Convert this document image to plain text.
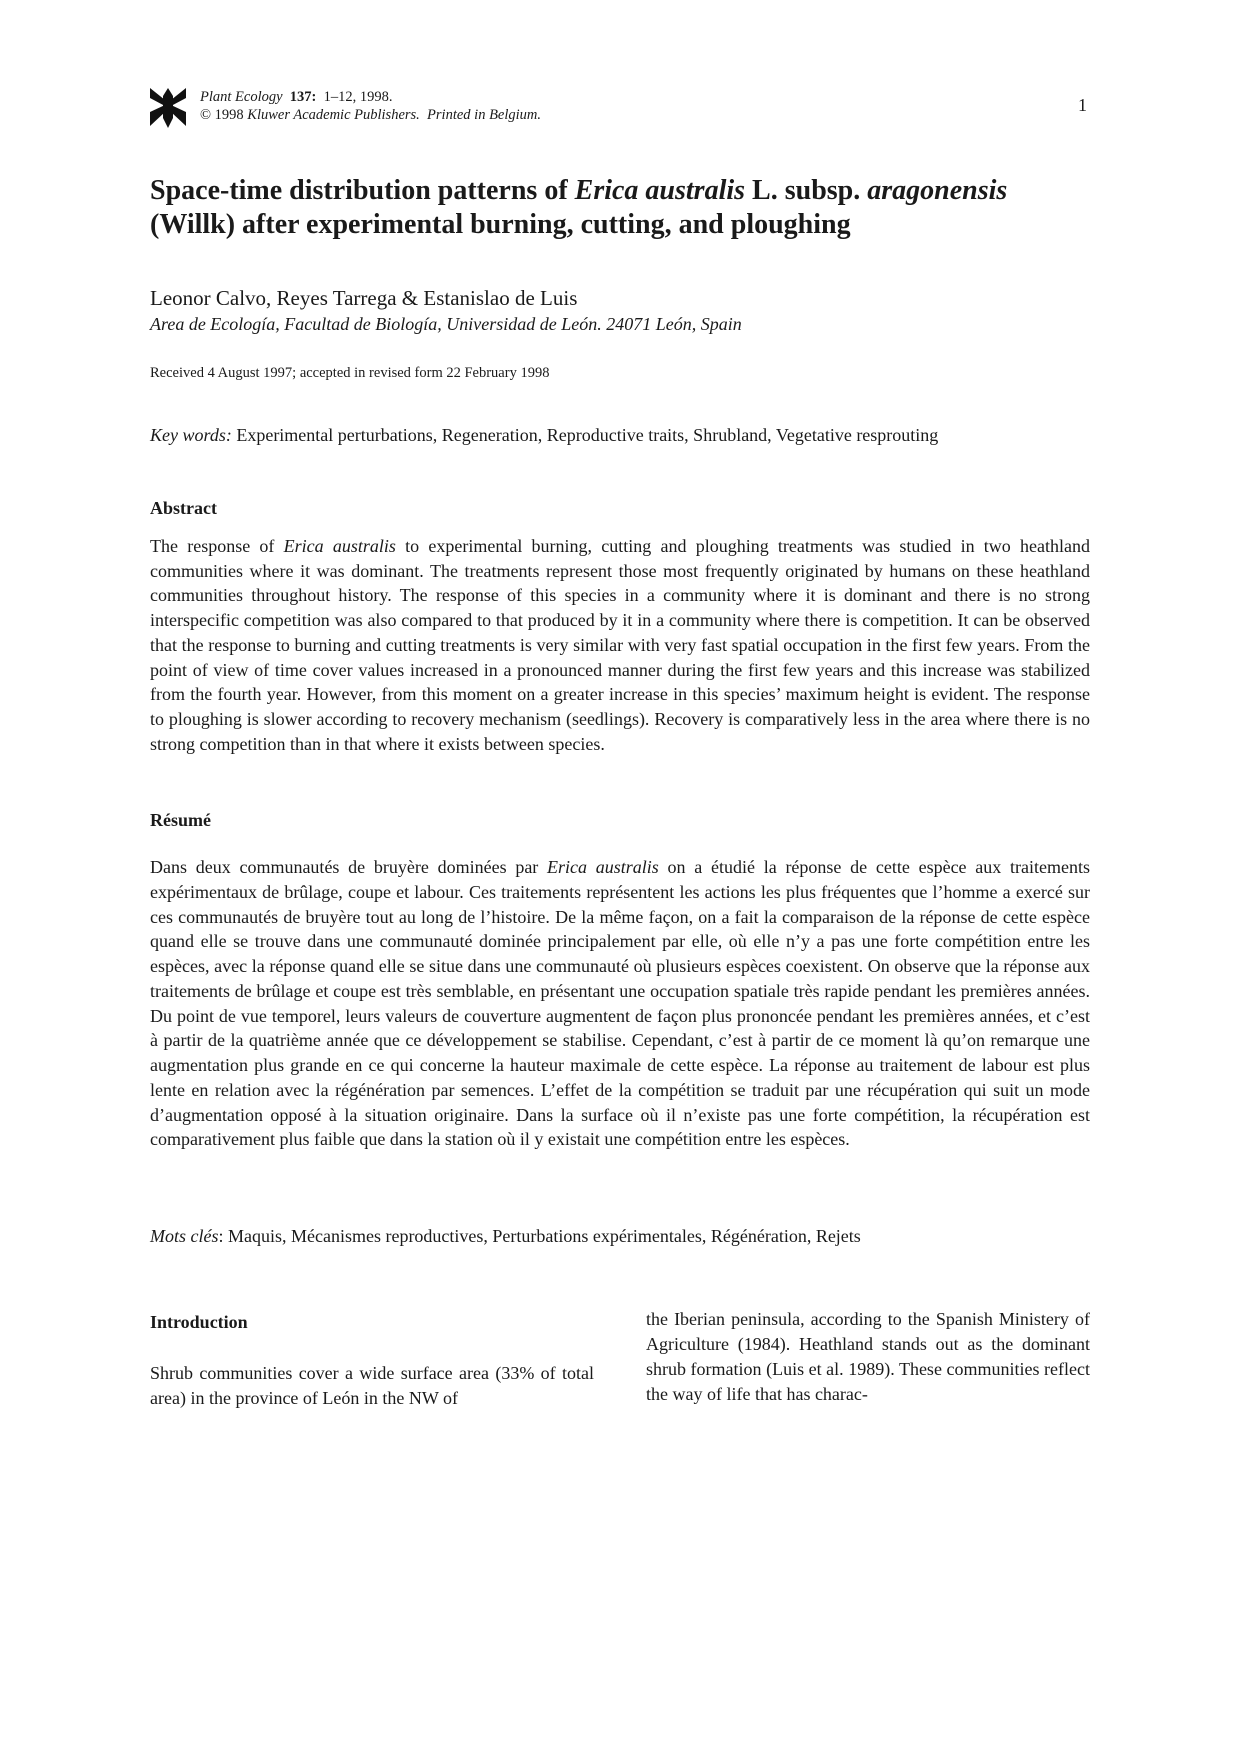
Plant Ecology 137: 1–12, 1998.
© 1998 Kluwer Academic Publishers. Printed in Belgium.	1
Space-time distribution patterns of Erica australis L. subsp. aragonensis
(Willk) after experimental burning, cutting, and ploughing
Leonor Calvo, Reyes Tarrega & Estanislao de Luis
Area de Ecología, Facultad de Biología, Universidad de León. 24071 León, Spain
Received 4 August 1997; accepted in revised form 22 February 1998
Key words: Experimental perturbations, Regeneration, Reproductive traits, Shrubland, Vegetative resprouting
Abstract

The response of Erica australis to experimental burning, cutting and ploughing treatments was studied in two heathland communities where it was dominant. The treatments represent those most frequently originated by humans on these heathland communities throughout history. The response of this species in a community where it is dominant and there is no strong interspecific competition was also compared to that produced by it in a community where there is competition. It can be observed that the response to burning and cutting treatments is very similar with very fast spatial occupation in the first few years. From the point of view of time cover values increased in a pronounced manner during the first few years and this increase was stabilized from the fourth year. However, from this moment on a greater increase in this species’ maximum height is evident. The response to ploughing is slower according to recovery mechanism (seedlings). Recovery is comparatively less in the area where there is no strong competition than in that where it exists between species.

Résumé

Dans deux communautés de bruyère dominées par Erica australis on a étudié la réponse de cette espèce aux traitements expérimentaux de brûlage, coupe et labour. Ces traitements représentent les actions les plus fréquentes que l’homme a exercé sur ces communautés de bruyère tout au long de l’histoire. De la même façon, on a fait la comparaison de la réponse de cette espèce quand elle se trouve dans une communauté dominée principalement par elle, où elle n’y a pas une forte compétition entre les espèces, avec la réponse quand elle se situe dans une communauté où plusieurs espèces coexistent. On observe que la réponse aux traitements de brûlage et coupe est très semblable, en présentant une occupation spatiale très rapide pendant les premières années. Du point de vue temporel, leurs valeurs de couverture augmentent de façon plus prononcée pendant les premières années, et c’est à partir de la quatrième année que ce développement se stabilise. Cependant, c’est à partir de ce moment là qu’on remarque une augmentation plus grande en ce qui concerne la hauteur maximale de cette espèce. La réponse au traitement de labour est plus lente en relation avec la régénération par semences. L’effet de la compétition se traduit par une récupération qui suit un mode d’augmentation opposé à la situation originaire. Dans la surface où il n’existe pas une forte compétition, la récupération est comparativement plus faible que dans la station où il y existait une compétition entre les espèces.

Mots clés: Maquis, Mécanismes reproductives, Perturbations expérimentales, Régénération, Rejets
Introduction

Shrub communities cover a wide surface area (33% of total area) in the province of León in the NW of

the Iberian peninsula, according to the Spanish Ministery of Agriculture (1984). Heathland stands out as the dominant shrub formation (Luis et al. 1989). These communities reflect the way of life that has charac-
